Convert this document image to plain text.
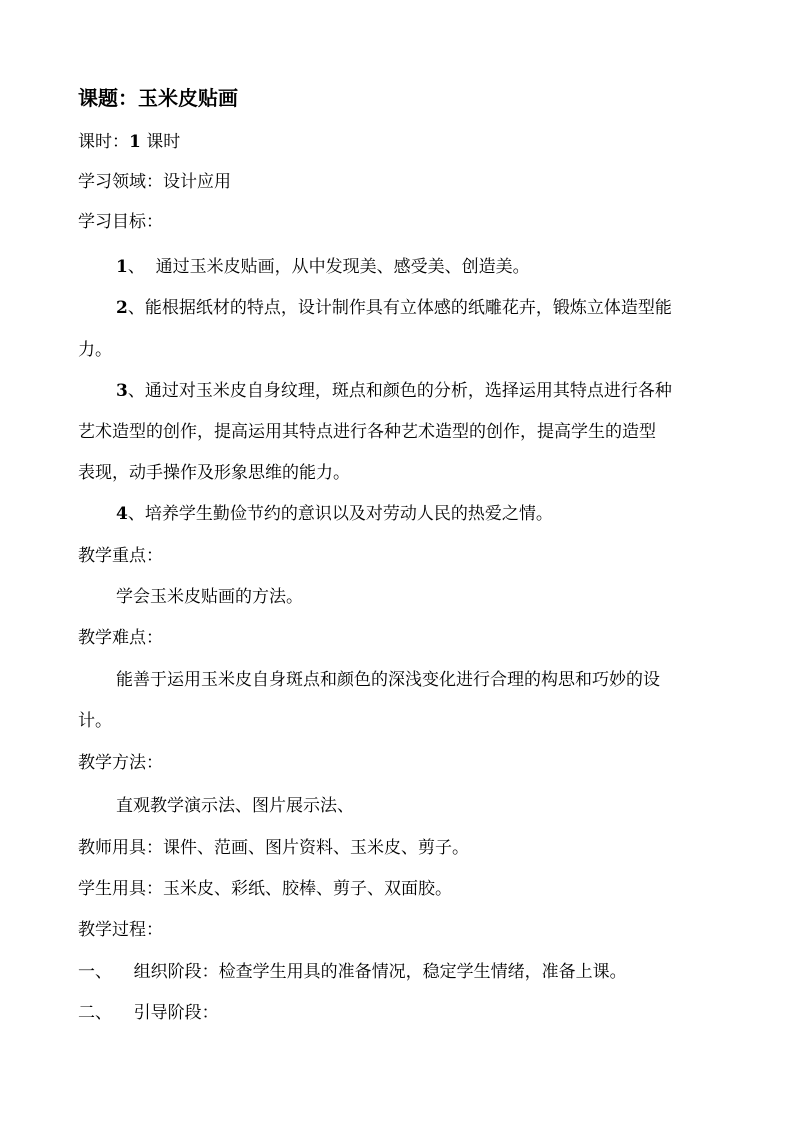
课题：玉米皮贴画
课时：1 课时
学习领域：设计应用
学习目标：
1、  通过玉米皮贴画，从中发现美、感受美、创造美。
2、能根据纸材的特点，设计制作具有立体感的纸雕花卉，锻炼立体造型能
力。
3、通过对玉米皮自身纹理，斑点和颜色的分析，选择运用其特点进行各种
艺术造型的创作，提高运用其特点进行各种艺术造型的创作，提高学生的造型
表现，动手操作及形象思维的能力。
4、培养学生勤俭节约的意识以及对劳动人民的热爱之情。
教学重点：
学会玉米皮贴画的方法。
教学难点：
能善于运用玉米皮自身斑点和颜色的深浅变化进行合理的构思和巧妙的设
计。
教学方法：
直观教学演示法、图片展示法、
教师用具：课件、范画、图片资料、玉米皮、剪子。
学生用具：玉米皮、彩纸、胶棒、剪子、双面胶。
教学过程：
一、 组织阶段：检查学生用具的准备情况，稳定学生情绪，准备上课。
二、 引导阶段：
